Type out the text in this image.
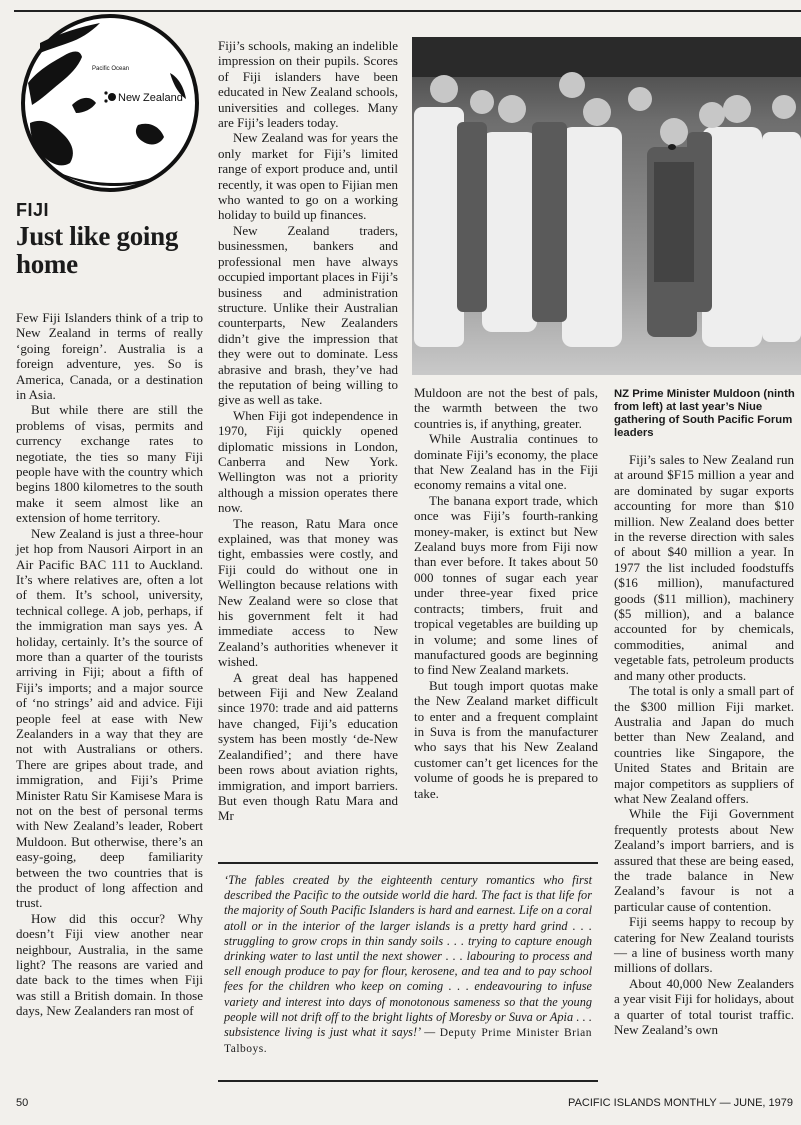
Pacific Ocean
New Zealand
FIJI
Just like going home

Few Fiji Islanders think of a trip to New Zealand in terms of really ‘going foreign’. Australia is a foreign adventure, yes. So is America, Canada, or a destination in Asia.

But while there are still the problems of visas, permits and currency exchange rates to negotiate, the ties so many Fiji people have with the country which begins 1800 kilometres to the south make it seem almost like an extension of home territory.

New Zealand is just a three-hour jet hop from Nausori Airport in an Air Pacific BAC 111 to Auckland. It’s where relatives are, often a lot of them. It’s school, university, technical college. A job, perhaps, if the immigration man says yes. A holiday, certainly. It’s the source of more than a quarter of the tourists arriving in Fiji; about a fifth of Fiji’s imports; and a major source of ‘no strings’ aid and advice. Fiji people feel at ease with New Zealanders in a way that they are not with Australians or others. There are gripes about trade, and immigration, and Fiji’s Prime Minister Ratu Sir Kamisese Mara is not on the best of personal terms with New Zealand’s leader, Robert Muldoon. But otherwise, there’s an easy-going, deep familiarity between the two countries that is the product of long affection and trust.

How did this occur? Why doesn’t Fiji view another near neighbour, Australia, in the same light? The reasons are varied and date back to the times when Fiji was still a British domain. In those days, New Zealanders ran most of

Fiji’s schools, making an indelible impression on their pupils. Scores of Fiji islanders have been educated in New Zealand schools, universities and colleges. Many are Fiji’s leaders today.

New Zealand was for years the only market for Fiji’s limited range of export produce and, until recently, it was open to Fijian men who wanted to go on a working holiday to build up finances.

New Zealand traders, businessmen, bankers and professional men have always occupied important places in Fiji’s business and administration structure. Unlike their Australian counterparts, New Zealanders didn’t give the impression that they were out to dominate. Less abrasive and brash, they’ve had the reputation of being willing to give as well as take.

When Fiji got independence in 1970, Fiji quickly opened diplomatic missions in London, Canberra and New York. Wellington was not a priority although a mission operates there now.

The reason, Ratu Mara once explained, was that money was tight, embassies were costly, and Fiji could do without one in Wellington because relations with New Zealand were so close that his government felt it had immediate access to New Zealand’s authorities whenever it wished.

A great deal has happened between Fiji and New Zealand since 1970: trade and aid patterns have changed, Fiji’s education system has been mostly ‘de-New Zealandified’; and there have been rows about aviation rights, immigration, and import barriers. But even though Ratu Mara and Mr

NZ Prime Minister Muldoon (ninth from left) at last year’s Niue gathering of South Pacific Forum leaders

Muldoon are not the best of pals, the warmth between the two countries is, if anything, greater.

While Australia continues to dominate Fiji’s economy, the place that New Zealand has in the Fiji economy remains a vital one.

The banana export trade, which once was Fiji’s fourth-ranking money-maker, is extinct but New Zealand buys more from Fiji now than ever before. It takes about 50 000 tonnes of sugar each year under three-year fixed price contracts; timbers, fruit and tropical vegetables are building up in volume; and some lines of manufactured goods are beginning to find New Zealand markets.

But tough import quotas make the New Zealand market difficult to enter and a frequent complaint in Suva is from the manufacturer who says that his New Zealand customer can’t get licences for the volume of goods he is prepared to take.

Fiji’s sales to New Zealand run at around $F15 million a year and are dominated by sugar exports accounting for more than $10 million. New Zealand does better in the reverse direction with sales of about $40 million a year. In 1977 the list included foodstuffs ($16 million), manufactured goods ($11 million), machinery ($5 million), and a balance accounted for by chemicals, commodities, animal and vegetable fats, petroleum products and many other products.

The total is only a small part of the $300 million Fiji market. Australia and Japan do much better than New Zealand, and countries like Singapore, the United States and Britain are major competitors as suppliers of what New Zealand offers.

While the Fiji Government frequently protests about New Zealand’s import barriers, and is assured that these are being eased, the trade balance in New Zealand’s favour is not a particular cause of contention.

Fiji seems happy to recoup by catering for New Zealand tourists — a line of business worth many millions of dollars.

About 40,000 New Zealanders a year visit Fiji for holidays, about a quarter of total tourist traffic. New Zealand’s own

‘The fables created by the eighteenth century romantics who first described the Pacific to the outside world die hard. The fact is that life for the majority of South Pacific Islanders is hard and earnest. Life on a coral atoll or in the interior of the larger islands is a pretty hard grind . . . struggling to grow crops in thin sandy soils . . . trying to capture enough drinking water to last until the next shower . . . labouring to process and sell enough produce to pay for flour, kerosene, and tea and to pay school fees for the children who keep on coming . . . endeavouring to infuse variety and interest into days of monotonous sameness so that the young people will not drift off to the bright lights of Moresby or Suva or Apia . . . subsistence living is just what it says!’ — Deputy Prime Minister Brian Talboys.
50	PACIFIC ISLANDS MONTHLY — JUNE, 1979
